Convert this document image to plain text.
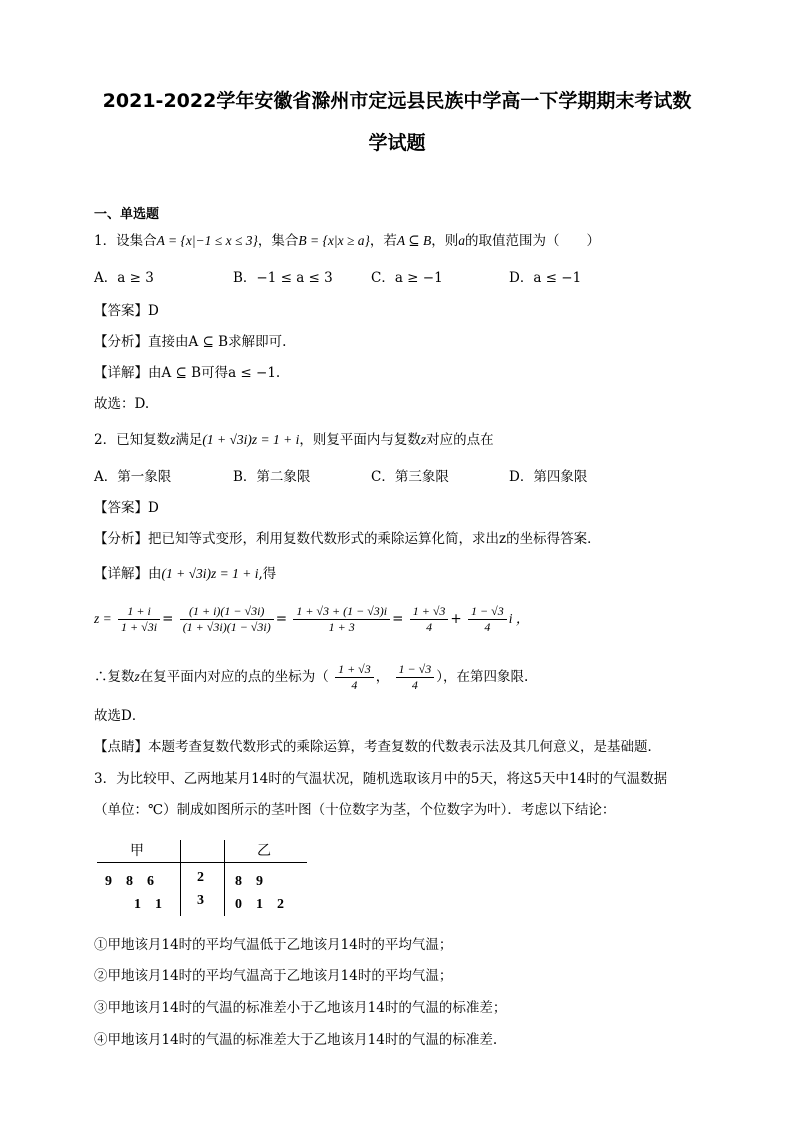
2021-2022学年安徽省滁州市定远县民族中学高一下学期期末考试数
学试题
一、单选题
1．设集合A = {x|−1 ≤ x ≤ 3}，集合B = {x|x ≥ a}，若A ⊆ B，则a的取值范围为（　　）
A．a ≥ 3	B．−1 ≤ a ≤ 3	C．a ≥ −1	D．a ≤ −1
【答案】D
【分析】直接由A ⊆ B求解即可.
【详解】由A ⊆ B可得a ≤ −1.
故选：D.
2．已知复数z满足(1 + √3i)z = 1 + i，则复平面内与复数z对应的点在
A．第一象限	B．第二象限	C．第三象限	D．第四象限
【答案】D
【分析】把已知等式变形，利用复数代数形式的乘除运算化简，求出z的坐标得答案．
【详解】由(1 + √3i)z = 1 + i,得
$z = \frac{1 + i}{1 + √3i} = \frac{(1 + i)(1 - √3i)}{(1 + √3i)(1 - √3i)} = \frac{1 + √3 + (1 - √3)i}{1 + 3} = \frac{1 + √3}{4} + \frac{1 - √3}{4}$ i ，
∴复数z在复平面内对应的点的坐标为（ $\frac{1 + √3}{4}$ ， $\frac{1 - √3}{4}$ ），在第四象限.
故选D．
【点睛】本题考查复数代数形式的乘除运算，考查复数的代数表示法及其几何意义，是基础题．
3．为比较甲、乙两地某月14时的气温状况，随机选取该月中的5天，将这5天中14时的气温数据
（单位：℃）制成如图所示的茎叶图（十位数字为茎，个位数字为叶）．考虑以下结论：
甲	乙
9　8　6	2 8　9
1　1	3 0　1　2
①甲地该月14时的平均气温低于乙地该月14时的平均气温；
②甲地该月14时的平均气温高于乙地该月14时的平均气温；
③甲地该月14时的气温的标准差小于乙地该月14时的气温的标准差；
④甲地该月14时的气温的标准差大于乙地该月14时的气温的标准差.
